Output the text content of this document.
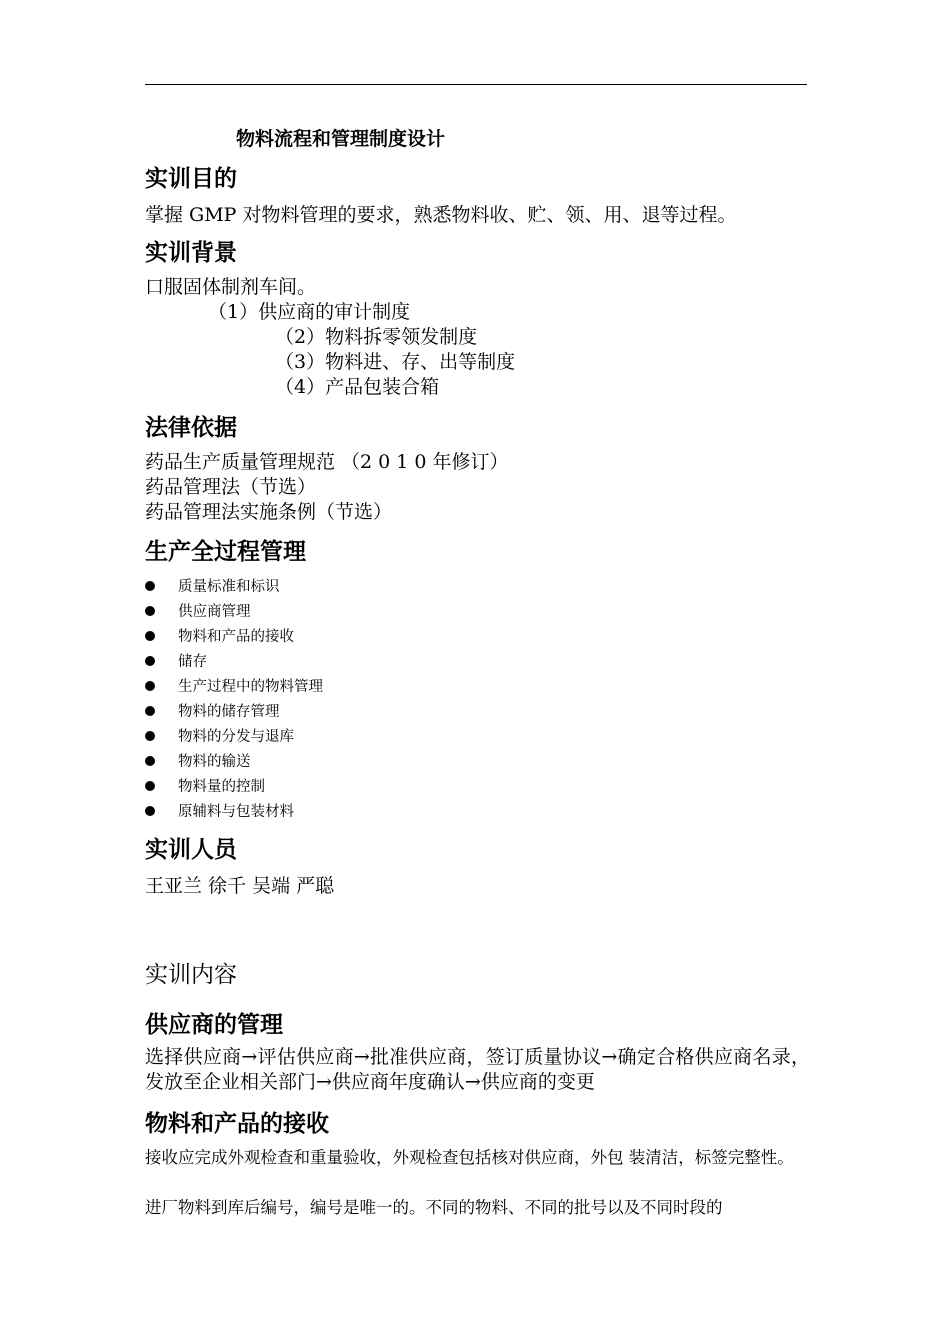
物料流程和管理制度设计
实训目的
掌握 GMP 对物料管理的要求，熟悉物料收、贮、领、用、退等过程。
实训背景
口服固体制剂车间。
（1）供应商的审计制度
（2）物料拆零领发制度
（3）物料进、存、出等制度
（4）产品包装合箱
法律依据
药品生产质量管理规范 （2 0 1 0 年修订）
药品管理法（节选）
药品管理法实施条例（节选）
生产全过程管理
质量标准和标识
供应商管理
物料和产品的接收
储存
生产过程中的物料管理
物料的储存管理
物料的分发与退库
物料的输送
物料量的控制
原辅料与包装材料
实训人员
王亚兰 徐千 吴端 严聪
实训内容
供应商的管理
选择供应商→评估供应商→批准供应商，签订质量协议→确定合格供应商名录，发放至企业相关部门→供应商年度确认→供应商的变更
物料和产品的接收
接收应完成外观检查和重量验收，外观检查包括核对供应商，外包 装清洁，标签完整性。
进厂物料到库后编号，编号是唯一的。不同的物料、不同的批号以及不同时段的
